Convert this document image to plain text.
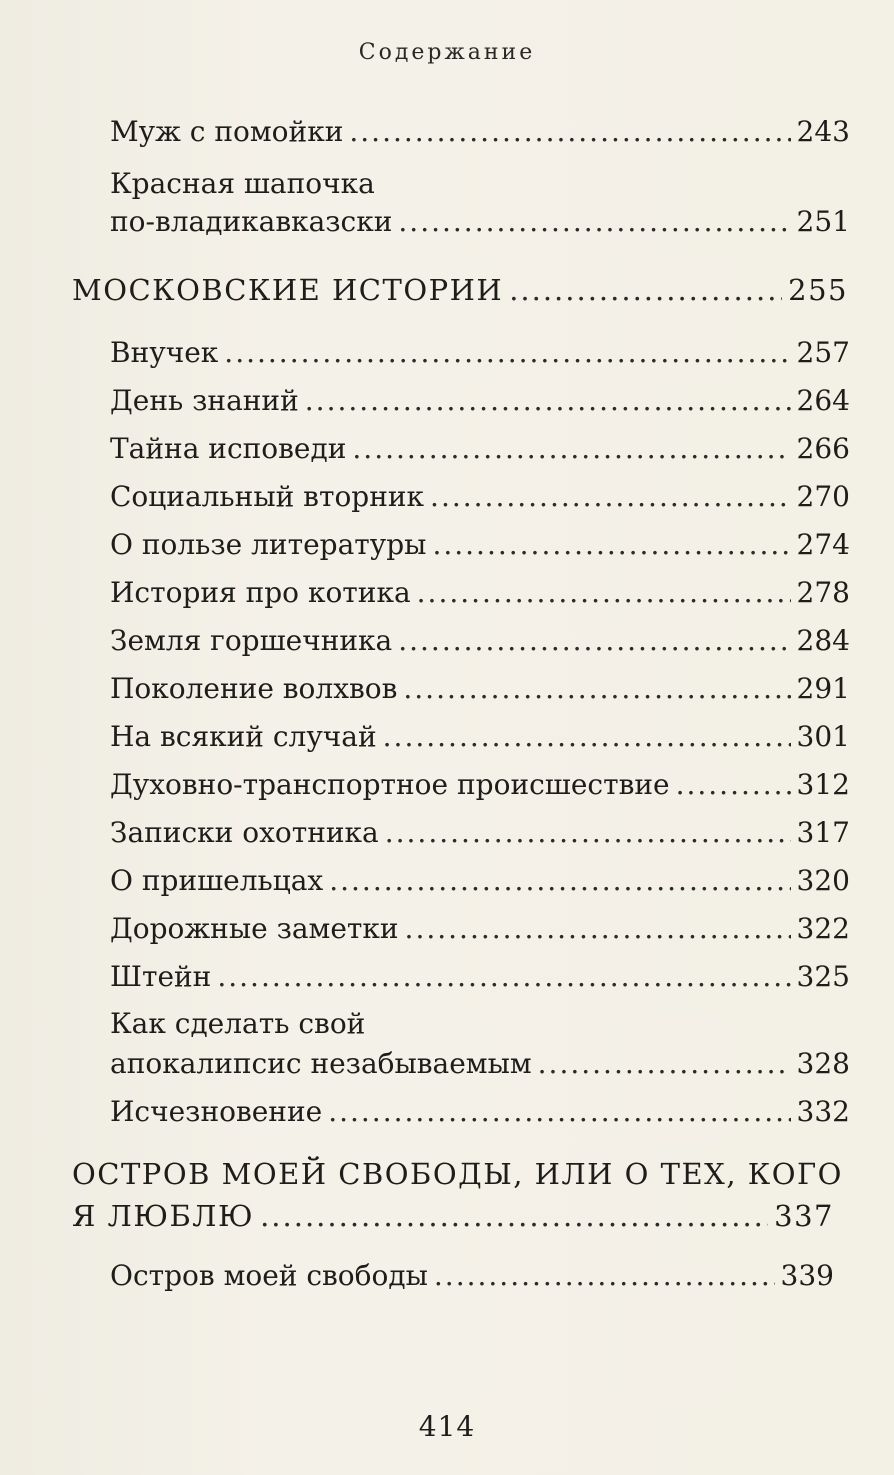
Содержание
Муж с помойки .....	243
Красная шапочка
по-владикавказски .....	251
МОСКОВСКИЕ ИСТОРИИ .....	255
Внучек .....	257
День знаний .....	264
Тайна исповеди .....	266
Социальный вторник .....	270
О пользе литературы .....	274
История про котика .....	278
Земля горшечника .....	284
Поколение волхвов .....	291
На всякий случай .....	301
Духовно-транспортное происшествие .....	312
Записки охотника .....	317
О пришельцах .....	320
Дорожные заметки .....	322
Штейн .....	325
Как сделать свой
апокалипсис незабываемым .....	328
Исчезновение .....	332
ОСТРОВ МОЕЙ СВОБОДЫ, ИЛИ О ТЕХ, КОГО
Я ЛЮБЛЮ .....	337
Остров моей свободы .....	339
414
